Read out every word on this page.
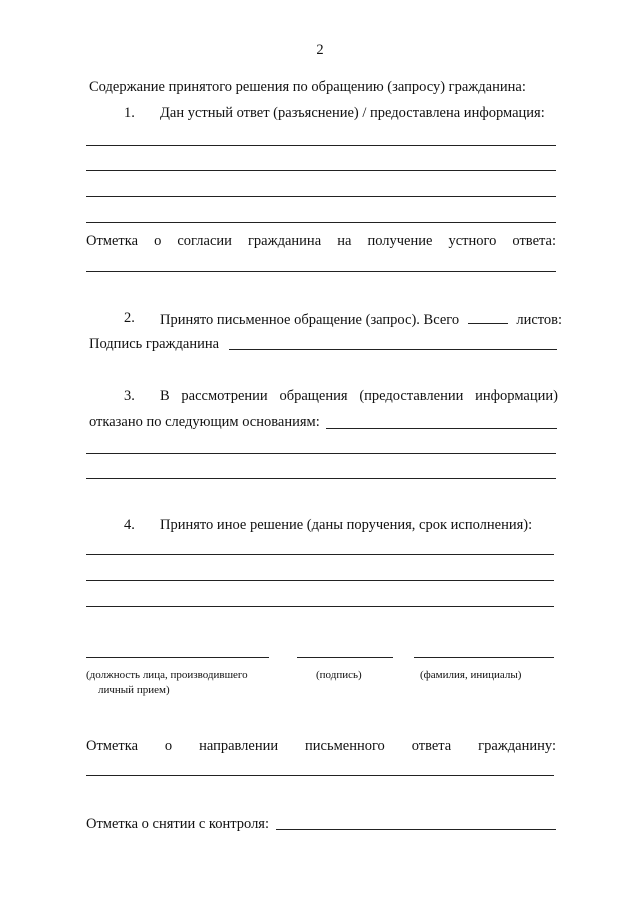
2
Содержание принятого решения по обращению (запросу) гражданина:
1. Дан устный ответ (разъяснение) / предоставлена информация:
Отметка о согласии гражданина на получение устного ответа:
2. Принято письменное обращение (запрос). Всего	листов:
Подпись гражданина
3. В рассмотрении обращения (предоставлении информации)
отказано по следующим основаниям:
4. Принято иное решение (даны поручения, срок исполнения):
(должность лица, производившего
личный прием)
(подпись)	(фамилия, инициалы)
Отметка о направлении письменного ответа гражданину:
Отметка о снятии с контроля:
